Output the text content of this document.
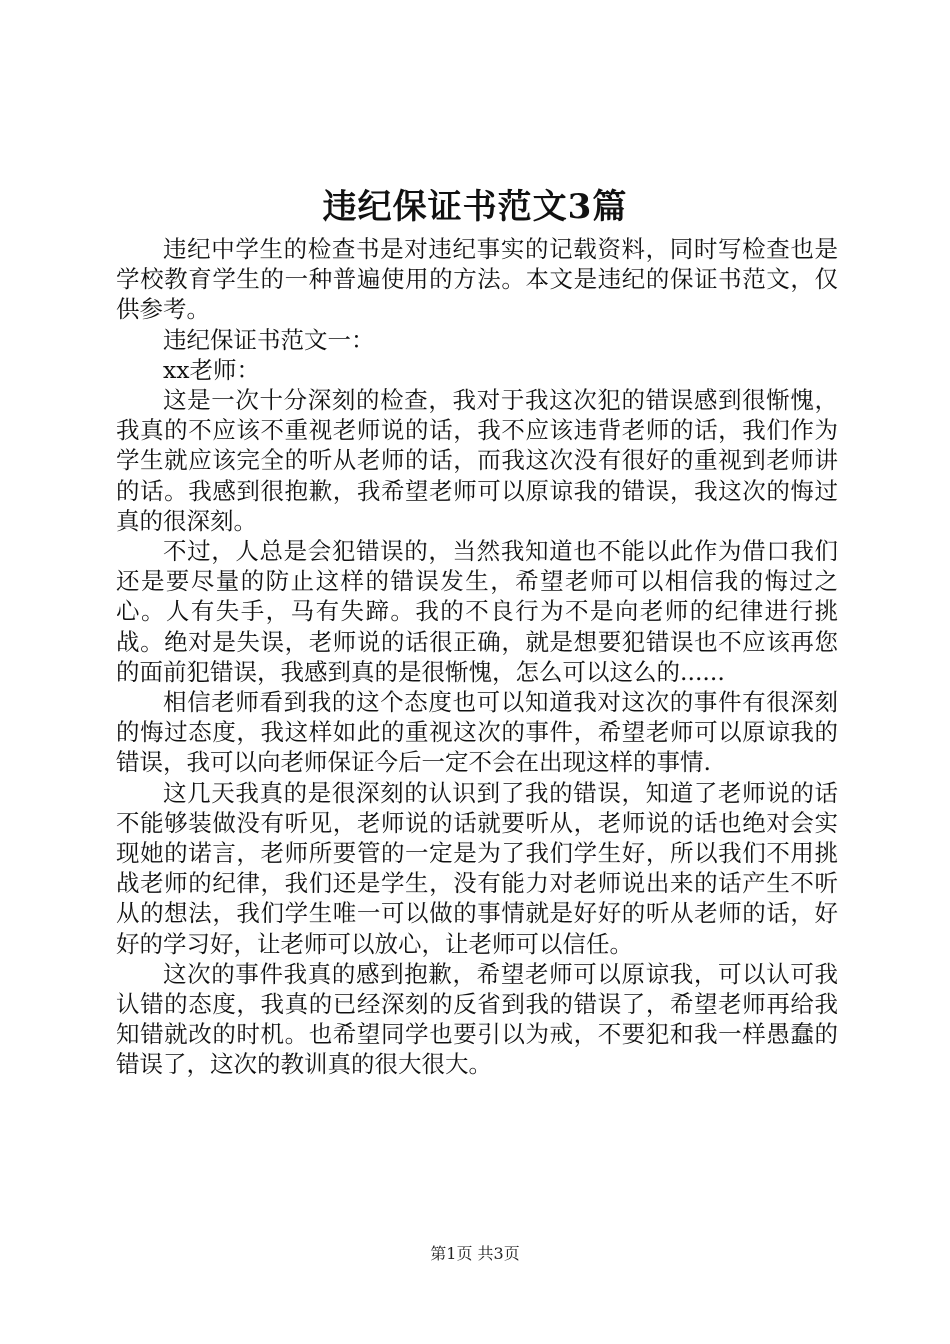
违纪保证书范文3篇

违纪中学生的检查书是对违纪事实的记载资料，同时写检查也是学校教育学生的一种普遍使用的方法。本文是违纪的保证书范文，仅供参考。

违纪保证书范文一：

xx老师：

这是一次十分深刻的检查，我对于我这次犯的错误感到很惭愧，我真的不应该不重视老师说的话，我不应该违背老师的话，我们作为学生就应该完全的听从老师的话，而我这次没有很好的重视到老师讲的话。我感到很抱歉，我希望老师可以原谅我的错误，我这次的悔过真的很深刻。

不过，人总是会犯错误的，当然我知道也不能以此作为借口我们还是要尽量的防止这样的错误发生，希望老师可以相信我的悔过之心。人有失手，马有失蹄。我的不良行为不是向老师的纪律进行挑战。绝对是失误，老师说的话很正确，就是想要犯错误也不应该再您的面前犯错误，我感到真的是很惭愧，怎么可以这么的......

相信老师看到我的这个态度也可以知道我对这次的事件有很深刻的悔过态度，我这样如此的重视这次的事件，希望老师可以原谅我的错误，我可以向老师保证今后一定不会在出现这样的事情.

这几天我真的是很深刻的认识到了我的错误，知道了老师说的话不能够装做没有听见，老师说的话就要听从，老师说的话也绝对会实现她的诺言，老师所要管的一定是为了我们学生好，所以我们不用挑战老师的纪律，我们还是学生，没有能力对老师说出来的话产生不听从的想法，我们学生唯一可以做的事情就是好好的听从老师的话，好好的学习好，让老师可以放心，让老师可以信任。

这次的事件我真的感到抱歉，希望老师可以原谅我，可以认可我认错的态度，我真的已经深刻的反省到我的错误了，希望老师再给我知错就改的时机。也希望同学也要引以为戒，不要犯和我一样愚蠢的错误了，这次的教训真的很大很大。

第1页 共3页
